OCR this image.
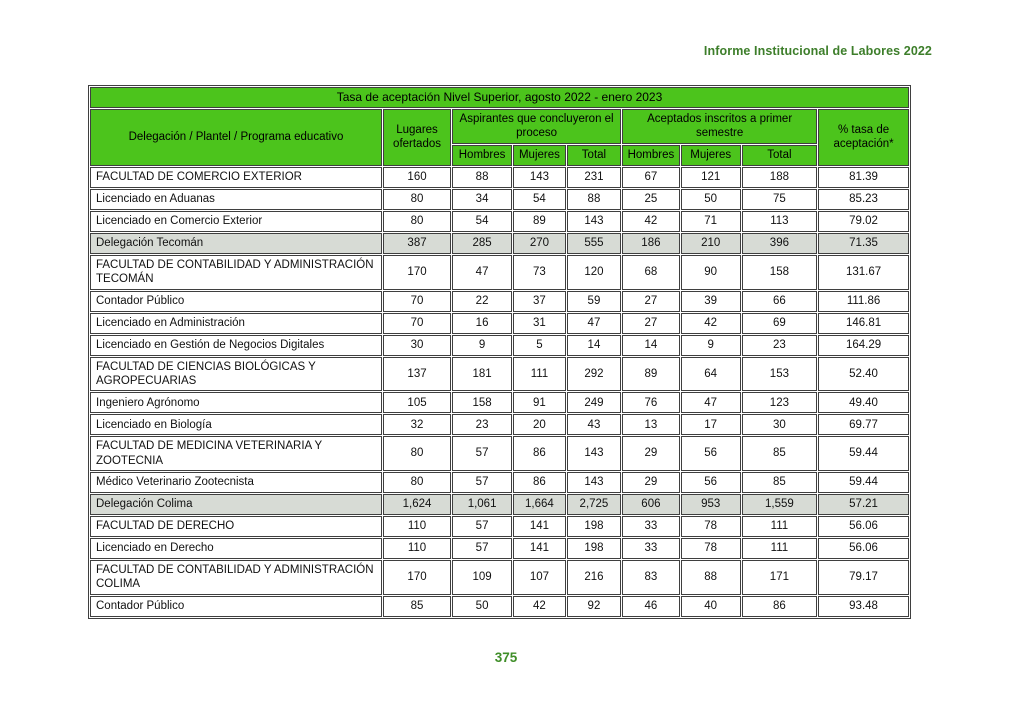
Informe Institucional de Labores 2022
Tasa de aceptación Nivel Superior, agosto 2022 - enero 2023								
Delegación / Plantel / Programa educativo	Lugares ofertados	Aspirantes que concluyeron el proceso			Aceptados inscritos a primer semestre			% tasa de aceptación*
		Hombres	Mujeres	Total	Hombres	Mujeres	Total	
FACULTAD DE COMERCIO EXTERIOR	160	88	143	231	67	121	188	81.39
Licenciado en Aduanas	80	34	54	88	25	50	75	85.23
Licenciado en Comercio Exterior	80	54	89	143	42	71	113	79.02
Delegación Tecomán	387	285	270	555	186	210	396	71.35
FACULTAD DE CONTABILIDAD Y ADMINISTRACIÓN TECOMÁN	170	47	73	120	68	90	158	131.67
Contador Público	70	22	37	59	27	39	66	111.86
Licenciado en Administración	70	16	31	47	27	42	69	146.81
Licenciado en Gestión de Negocios Digitales	30	9	5	14	14	9	23	164.29
FACULTAD DE CIENCIAS BIOLÓGICAS Y AGROPECUARIAS	137	181	111	292	89	64	153	52.40
Ingeniero Agrónomo	105	158	91	249	76	47	123	49.40
Licenciado en Biología	32	23	20	43	13	17	30	69.77
FACULTAD DE MEDICINA VETERINARIA Y ZOOTECNIA	80	57	86	143	29	56	85	59.44
Médico Veterinario Zootecnista	80	57	86	143	29	56	85	59.44
Delegación Colima	1,624	1,061	1,664	2,725	606	953	1,559	57.21
FACULTAD DE DERECHO	110	57	141	198	33	78	111	56.06
Licenciado en Derecho	110	57	141	198	33	78	111	56.06
FACULTAD DE CONTABILIDAD Y ADMINISTRACIÓN COLIMA	170	109	107	216	83	88	171	79.17
Contador Público	85	50	42	92	46	40	86	93.48
375
